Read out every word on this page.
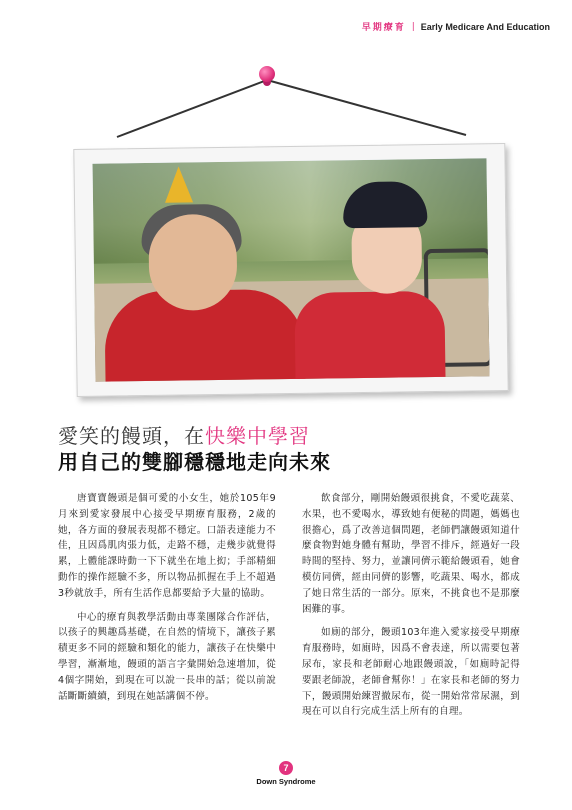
早期療育 | Early Medicare And Education
愛笑的饅頭，在快樂中學習
用自己的雙腳穩穩地走向未來

唐寶寶饅頭是個可愛的小女生，她於105年9月來到愛家發展中心接受早期療育服務，2歲的她，各方面的發展表現都不穩定。口語表達能力不佳，且因爲肌肉張力低，走路不穩，走幾步就覺得累，上體能課時動一下下就坐在地上抝；手部精細動作的操作經驗不多，所以物品抓握在手上不超過3秒就放手，所有生活作息都要給予大量的協助。

中心的療育與教學活動由專業團隊合作評估，以孩子的興趣爲基礎，在自然的情境下，讓孩子累積更多不同的經驗和類化的能力，讓孩子在快樂中學習，漸漸地，饅頭的語言字彙開始急速增加，從4個字開始，到現在可以說一長串的話；從以前說話斷斷續續，到現在她話講個不停。

飲食部分，剛開始饅頭很挑食，不愛吃蔬菜、水果，也不愛喝水，導致她有便秘的問題，媽媽也很擔心，爲了改善這個問題，老師們讓饅頭知道什麼食物對她身體有幫助，學習不排斥，經過好一段時間的堅持、努力，並讓同儕示範給饅頭看，她會模仿同儕，經由同儕的影響，吃蔬果、喝水，都成了她日常生活的一部分。原來，不挑食也不是那麼困難的事。

如廁的部分，饅頭103年進入愛家接受早期療育服務時，如廁時，因爲不會表達，所以需要包著尿布，家長和老師耐心地跟饅頭說，「如廁時記得要跟老師說，老師會幫你！」在家長和老師的努力下，饅頭開始練習撤尿布，從一開始常常尿濕，到現在可以自行完成生活上所有的自理。

7
Down Syndrome
